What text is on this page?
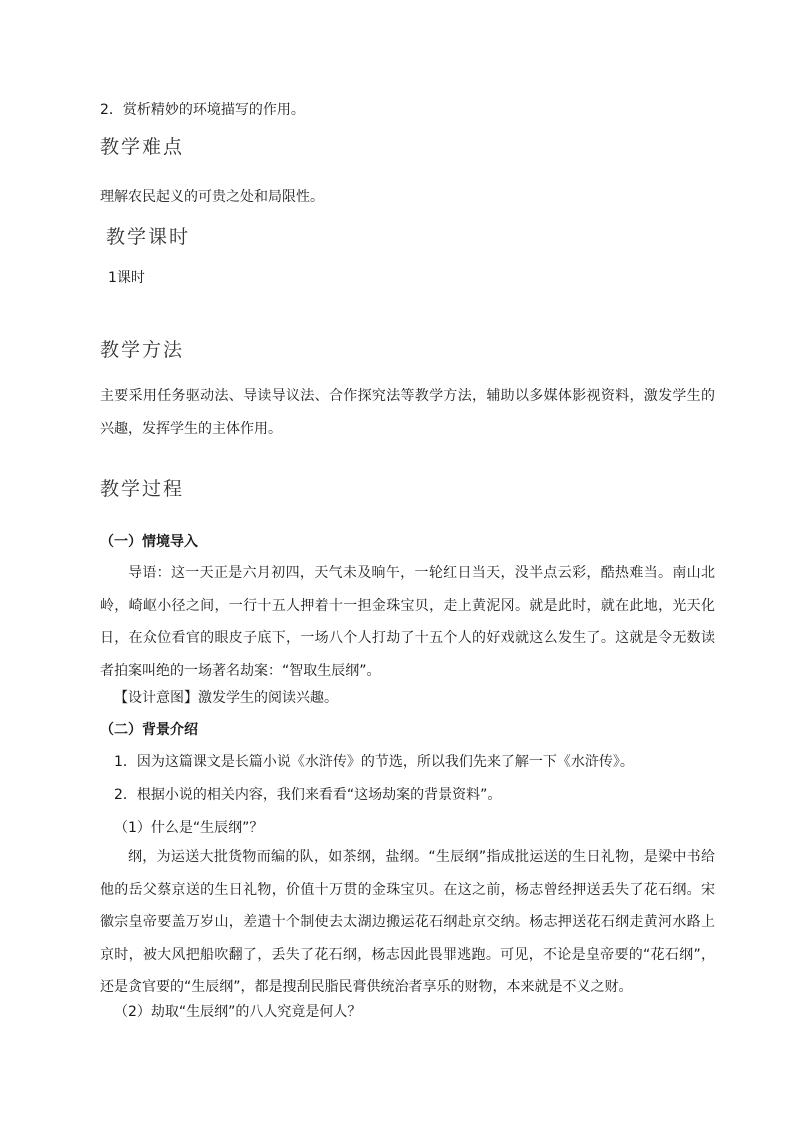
2．赏析精妙的环境描写的作用。
教学难点
理解农民起义的可贵之处和局限性。
教学课时
1课时
教学方法
主要采用任务驱动法、导读导议法、合作探究法等教学方法，辅助以多媒体影视资料，激发学生的兴趣，发挥学生的主体作用。
教学过程
（一）情境导入
导语：这一天正是六月初四，天气未及晌午，一轮红日当天，没半点云彩，酷热难当。南山北岭，崎岖小径之间，一行十五人押着十一担金珠宝贝，走上黄泥冈。就是此时，就在此地，光天化日，在众位看官的眼皮子底下，一场八个人打劫了十五个人的好戏就这么发生了。这就是令无数读者拍案叫绝的一场著名劫案：“智取生辰纲”。
【设计意图】激发学生的阅读兴趣。
（二）背景介绍
1．因为这篇课文是长篇小说《水浒传》的节选，所以我们先来了解一下《水浒传》。
2．根据小说的相关内容，我们来看看“这场劫案的背景资料”。
（1）什么是“生辰纲”？
纲，为运送大批货物而编的队，如茶纲，盐纲。“生辰纲”指成批运送的生日礼物，是梁中书给他的岳父蔡京送的生日礼物，价值十万贯的金珠宝贝。在这之前，杨志曾经押送丢失了花石纲。宋徽宗皇帝要盖万岁山，差遣十个制使去太湖边搬运花石纲赴京交纳。杨志押送花石纲走黄河水路上京时，被大风把船吹翻了，丢失了花石纲，杨志因此畏罪逃跑。可见，不论是皇帝要的“花石纲”，还是贪官要的“生辰纲”，都是搜刮民脂民膏供统治者享乐的财物，本来就是不义之财。
（2）劫取“生辰纲”的八人究竟是何人？
